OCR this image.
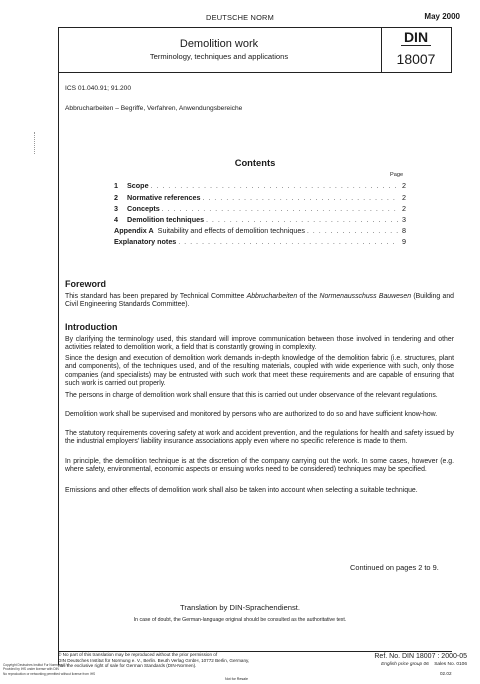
DEUTSCHE NORM	May 2000
Demolition work
Terminology, techniques and applications
DIN
18007
ICS 01.040.91; 91.200
Abbrucharbeiten – Begriffe, Verfahren, Anwendungsbereiche
Contents
Page
1	Scope . . .	2
2	Normative references . . .	2
3	Concepts . . .	2
4	Demolition techniques . . .	3
Appendix A Suitability and effects of demolition techniques . . .	8
Explanatory notes . . .	9
Foreword
This standard has been prepared by Technical Committee Abbrucharbeiten of the Normenausschuss Bauwesen (Building and Civil Engineering Standards Committee).
Introduction
By clarifying the terminology used, this standard will improve communication between those involved in tendering and other activities related to demolition work, a field that is constantly growing in complexity.
Since the design and execution of demolition work demands in-depth knowledge of the demolition fabric (i.e. structures, plant and components), of the techniques used, and of the resulting materials, coupled with wide experience with such, only those companies (and specialists) may be entrusted with such work that meet these requirements and are capable of ensuring that such work is carried out properly.
The persons in charge of demolition work shall ensure that this is carried out under observance of the relevant regulations.
Demolition work shall be supervised and monitored by persons who are authorized to do so and have sufficient know-how.
The statutory requirements covering safety at work and accident prevention, and the regulations for health and safety issued by the industrial employers’ liability insurance associations apply even where no specific reference is made to them.
In principle, the demolition technique is at the discretion of the company carrying out the work. In some cases, however (e.g. where safety, environmental, economic aspects or ensuing works need to be considered) techniques may be specified.
Emissions and other effects of demolition work shall also be taken into account when selecting a suitable technique.
Continued on pages 2 to 9.
Translation by DIN-Sprachendienst.
In case of doubt, the German-language original should be consulted as the authoritative text.
© No part of this translation may be reproduced without the prior permission of
DIN Deutsches Institut für Normung e. V., Berlin. Beuth Verlag GmbH, 10772 Berlin, Germany,
has the exclusive right of sale for German Standards (DIN-Normen).
Copyright Deutsches Institut Fur Normung E.V.
Provided by IHS under license with DIN
No reproduction or networking permitted without license from IHS
Not for Resale
Ref. No. DIN 18007 : 2000-05
English price group 06 Sales No. 0106
02.02
